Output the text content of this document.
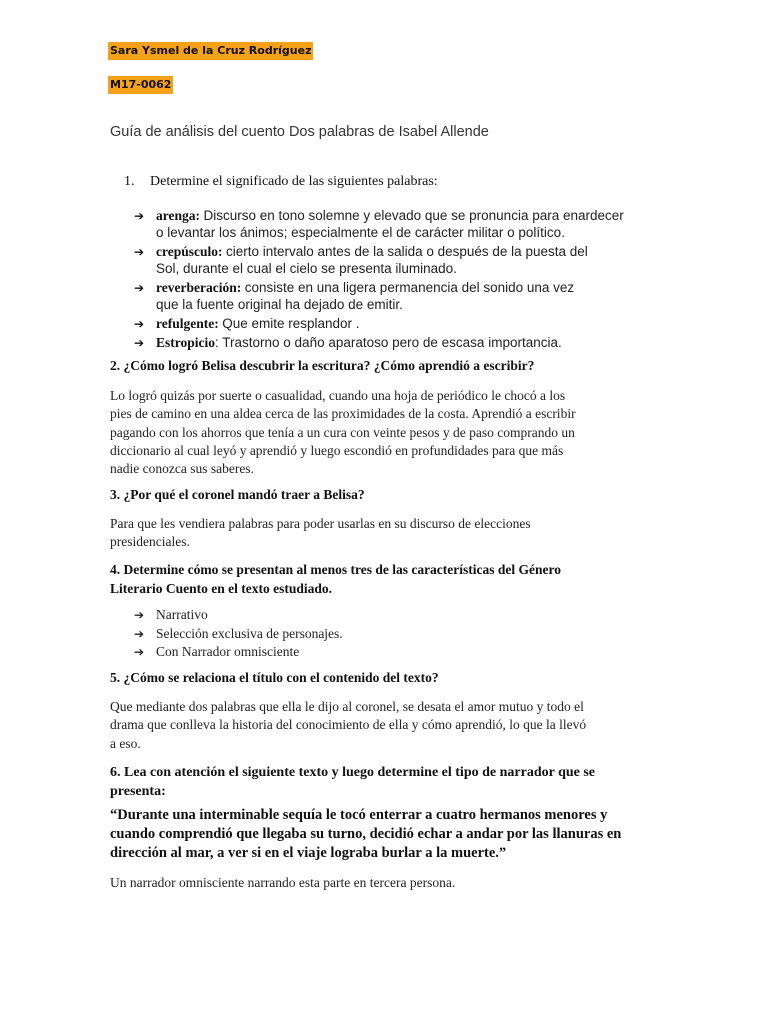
Sara Ysmel de la Cruz Rodríguez
M17-0062
Guía de análisis del cuento Dos palabras de Isabel Allende
1. Determine el significado de las siguientes palabras:
➔ arenga: Discurso en tono solemne y elevado que se pronuncia para enardecer
o levantar los ánimos; especialmente el de carácter militar o político.
➔ crepúsculo: cierto intervalo antes de la salida o después de la puesta del
Sol, durante el cual el cielo se presenta iluminado.
➔ reverberación: consiste en una ligera permanencia del sonido una vez
que la fuente original ha dejado de emitir.
➔ refulgente: Que emite resplandor .
➔ Estropicio: Trastorno o daño aparatoso pero de escasa importancia.
2. ¿Cómo logró Belisa descubrir la escritura? ¿Cómo aprendió a escribir?
Lo logró quizás por suerte o casualidad, cuando una hoja de periódico le chocó a los
pies de camino en una aldea cerca de las proximidades de la costa. Aprendió a escribir
pagando con los ahorros que tenía a un cura con veinte pesos y de paso comprando un
diccionario al cual leyó y aprendió y luego escondió en profundidades para que más
nadie conozca sus saberes.
3. ¿Por qué el coronel mandó traer a Belisa?
Para que les vendiera palabras para poder usarlas en su discurso de elecciones
presidenciales.
4. Determine cómo se presentan al menos tres de las características del Género
Literario Cuento en el texto estudiado.
➔ Narrativo
➔ Selección exclusiva de personajes.
➔ Con Narrador omnisciente
5. ¿Cómo se relaciona el título con el contenido del texto?
Que mediante dos palabras que ella le dijo al coronel, se desata el amor mutuo y todo el
drama que conlleva la historia del conocimiento de ella y cómo aprendió, lo que la llevó
a eso.
6. Lea con atención el siguiente texto y luego determine el tipo de narrador que se
presenta:
“Durante una interminable sequía le tocó enterrar a cuatro hermanos menores y
cuando comprendió que llegaba su turno, decidió echar a andar por las llanuras en
dirección al mar, a ver si en el viaje lograba burlar a la muerte.”
Un narrador omnisciente narrando esta parte en tercera persona.
